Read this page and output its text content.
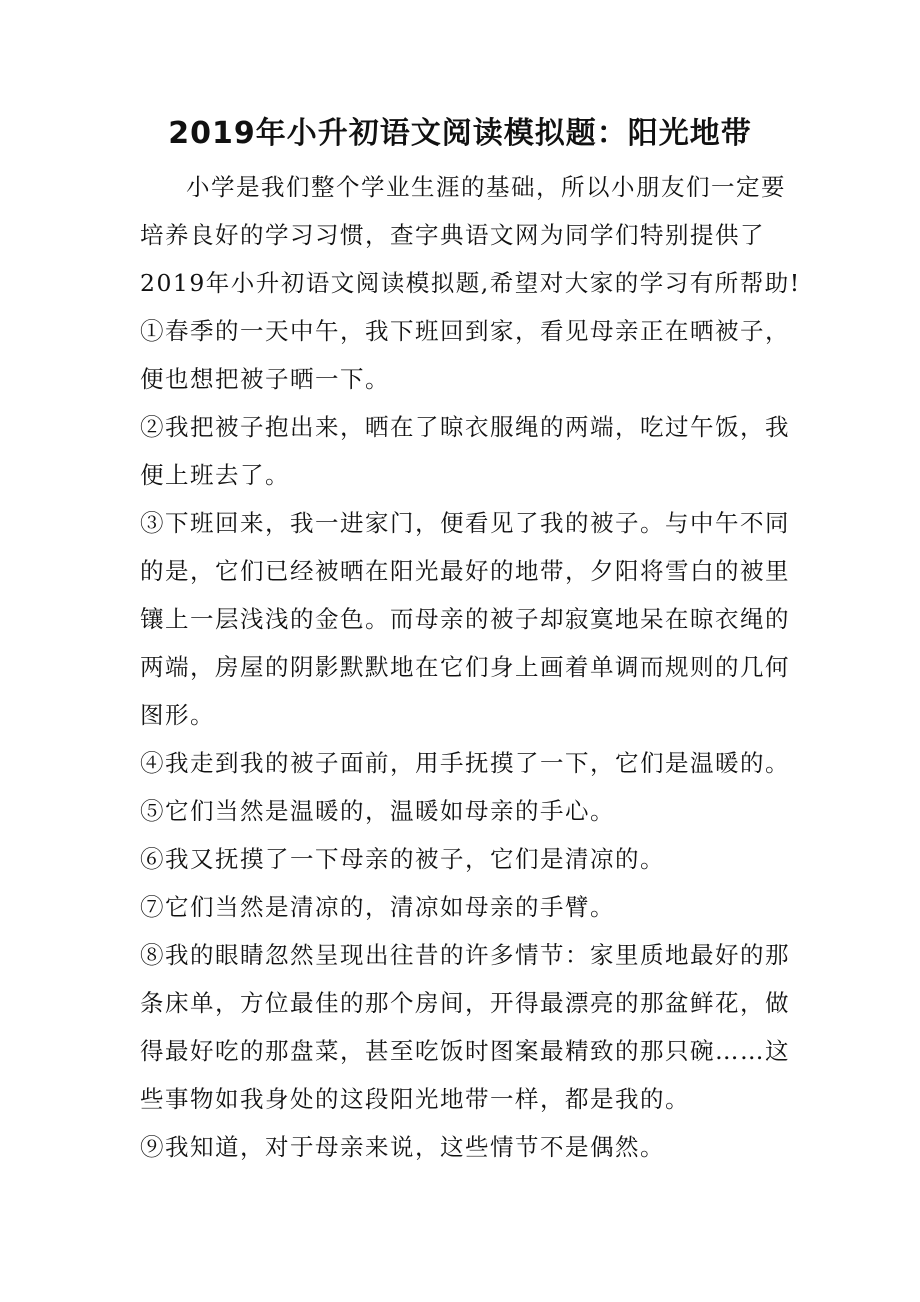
2019年小升初语文阅读模拟题：阳光地带
小学是我们整个学业生涯的基础，所以小朋友们一定要
培养良好的学习习惯，查字典语文网为同学们特别提供了
2019年小升初语文阅读模拟题,希望对大家的学习有所帮助!
①春季的一天中午，我下班回到家，看见母亲正在晒被子，
便也想把被子晒一下。
②我把被子抱出来，晒在了晾衣服绳的两端，吃过午饭，我
便上班去了。
③下班回来，我一进家门，便看见了我的被子。与中午不同
的是，它们已经被晒在阳光最好的地带，夕阳将雪白的被里
镶上一层浅浅的金色。而母亲的被子却寂寞地呆在晾衣绳的
两端，房屋的阴影默默地在它们身上画着单调而规则的几何
图形。
④我走到我的被子面前，用手抚摸了一下，它们是温暖的。
⑤它们当然是温暖的，温暖如母亲的手心。
⑥我又抚摸了一下母亲的被子，它们是清凉的。
⑦它们当然是清凉的，清凉如母亲的手臂。
⑧我的眼睛忽然呈现出往昔的许多情节：家里质地最好的那
条床单，方位最佳的那个房间，开得最漂亮的那盆鲜花，做
得最好吃的那盘菜，甚至吃饭时图案最精致的那只碗……这
些事物如我身处的这段阳光地带一样，都是我的。
⑨我知道，对于母亲来说，这些情节不是偶然。
